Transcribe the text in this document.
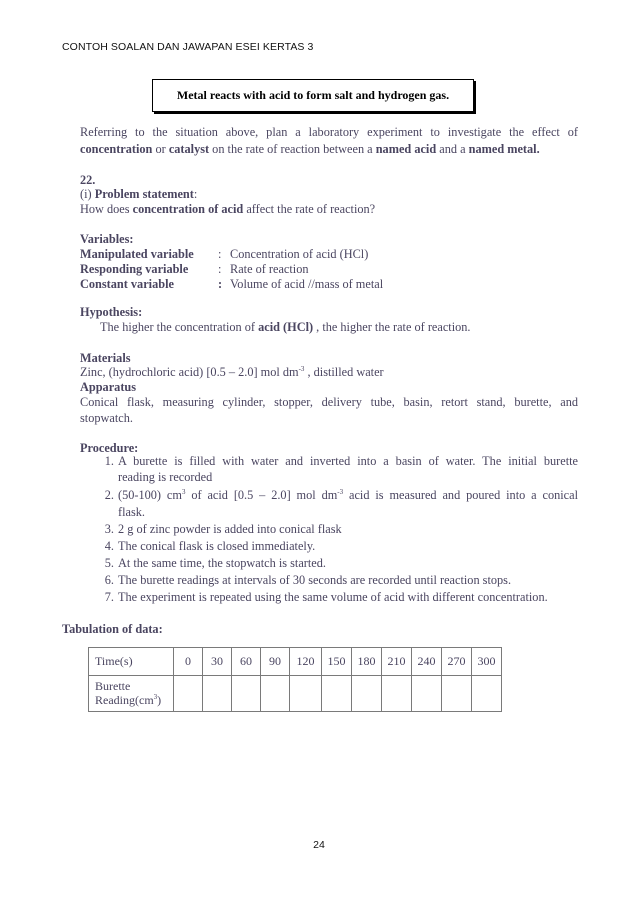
CONTOH SOALAN DAN JAWAPAN ESEI KERTAS 3
Metal reacts with acid to form salt and hydrogen gas.
Referring to the situation above, plan a laboratory experiment to investigate the effect of
concentration or catalyst on the rate of reaction between a named acid and a named metal.
22.
(i) Problem statement:
How does concentration of acid affect the rate of reaction?
Variables:
Manipulated variable : Concentration of acid (HCl)
Responding variable : Rate of reaction
Constant variable	: Volume of acid //mass of metal
Hypothesis:
The higher the concentration of acid (HCl) , the higher the rate of reaction.
Materials
Zinc, (hydrochloric acid) [0.5 – 2.0] mol $dm^{-3}$ , distilled water
Apparatus
Conical flask, measuring cylinder, stopper, delivery tube, basin, retort stand, burette, and
stopwatch.
Procedure:
1. A burette is filled with water and inverted into a basin of water. The initial burette
reading is recorded
2. (50-100) $cm^3$ of acid [0.5 – 2.0] mol $dm^{-3}$ acid is measured and poured into a conical
flask.
3. 2 g of zinc powder is added into conical flask
4. The conical flask is closed immediately.
5. At the same time, the stopwatch is started.
6. The burette readings at intervals of 30 seconds are recorded until reaction stops.
7. The experiment is repeated using the same volume of acid with different concentration.
Tabulation of data:
Time(s)	0	30	60	90	120	150	180	210	240	270	300
Burette
$Reading(cm^3)$											
24
